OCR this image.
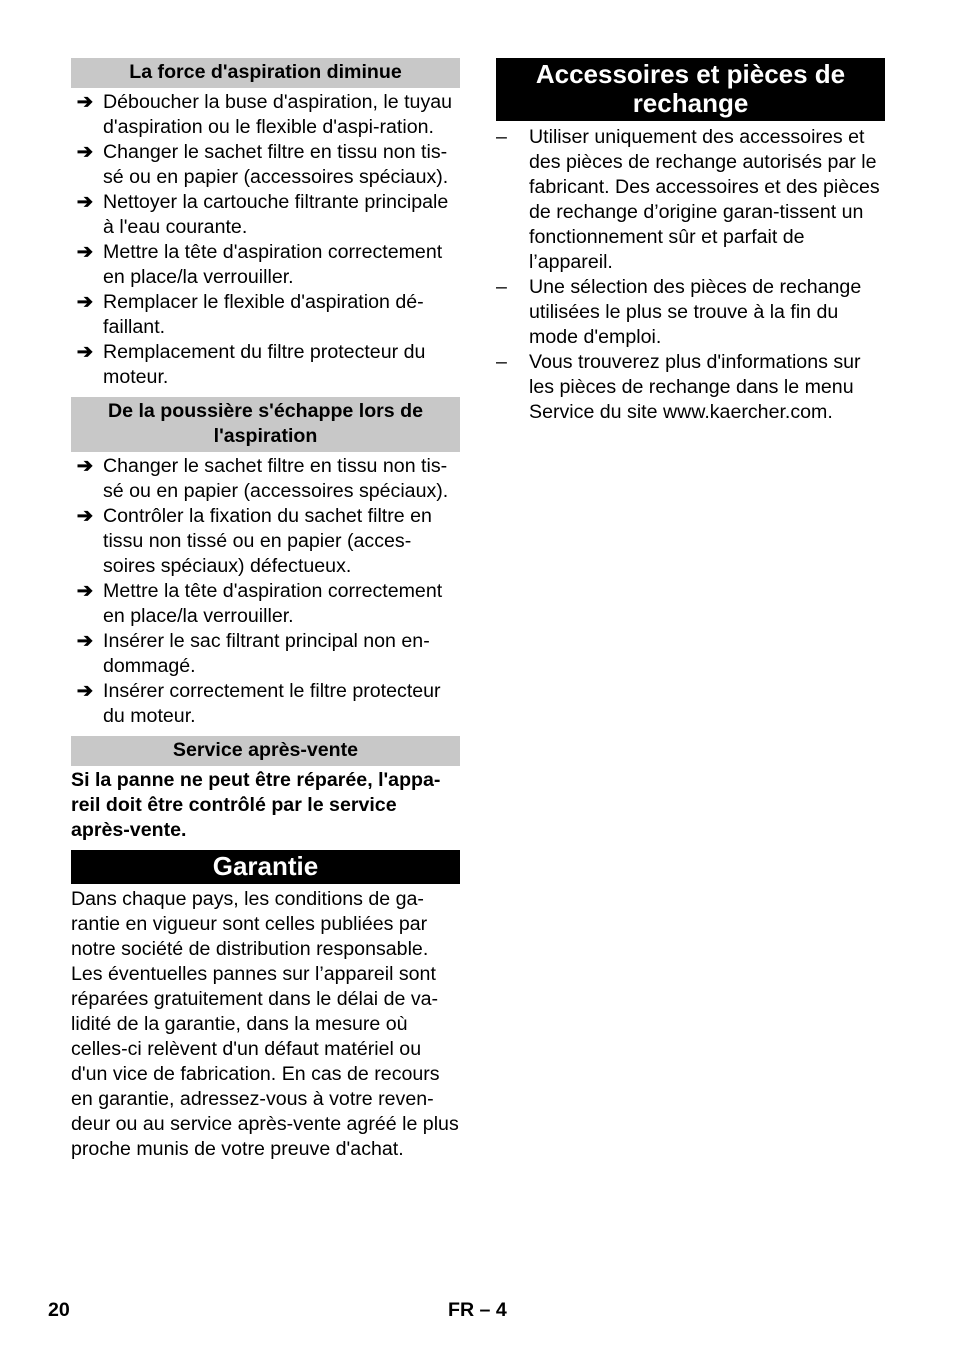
La force d'aspiration diminue
➔ Déboucher la buse d'aspiration, le tuyau d'aspiration ou le flexible d'aspi-ration.
➔ Changer le sachet filtre en tissu non tis-sé ou en papier (accessoires spéciaux).
➔ Nettoyer la cartouche filtrante principale à l'eau courante.
➔ Mettre la tête d'aspiration correctement en place/la verrouiller.
➔ Remplacer le flexible d'aspiration dé-faillant.
➔ Remplacement du filtre protecteur du moteur.
De la poussière s'échappe lors de l'aspiration
➔ Changer le sachet filtre en tissu non tis-sé ou en papier (accessoires spéciaux).
➔ Contrôler la fixation du sachet filtre en tissu non tissé ou en papier (acces-soires spéciaux) défectueux.
➔ Mettre la tête d'aspiration correctement en place/la verrouiller.
➔ Insérer le sac filtrant principal non en-dommagé.
➔ Insérer correctement le filtre protecteur du moteur.
Service après-vente

Si la panne ne peut être réparée, l'appa-reil doit être contrôlé par le service après-vente.

Garantie

Dans chaque pays, les conditions de ga-rantie en vigueur sont celles publiées par notre société de distribution responsable. Les éventuelles pannes sur l’appareil sont réparées gratuitement dans le délai de va-lidité de la garantie, dans la mesure où celles-ci relèvent d'un défaut matériel ou d'un vice de fabrication. En cas de recours en garantie, adressez-vous à votre reven-deur ou au service après-vente agréé le plus proche munis de votre preuve d'achat.

Accessoires et pièces de rechange
–	Utiliser uniquement des accessoires et des pièces de rechange autorisés par le fabricant. Des accessoires et des pièces de rechange d’origine garan-tissent un fonctionnement sûr et parfait de l’appareil.
–	Une sélection des pièces de rechange utilisées le plus se trouve à la fin du mode d'emploi.
–	Vous trouverez plus d'informations sur les pièces de rechange dans le menu Service du site www.kaercher.com.
20	FR – 4
